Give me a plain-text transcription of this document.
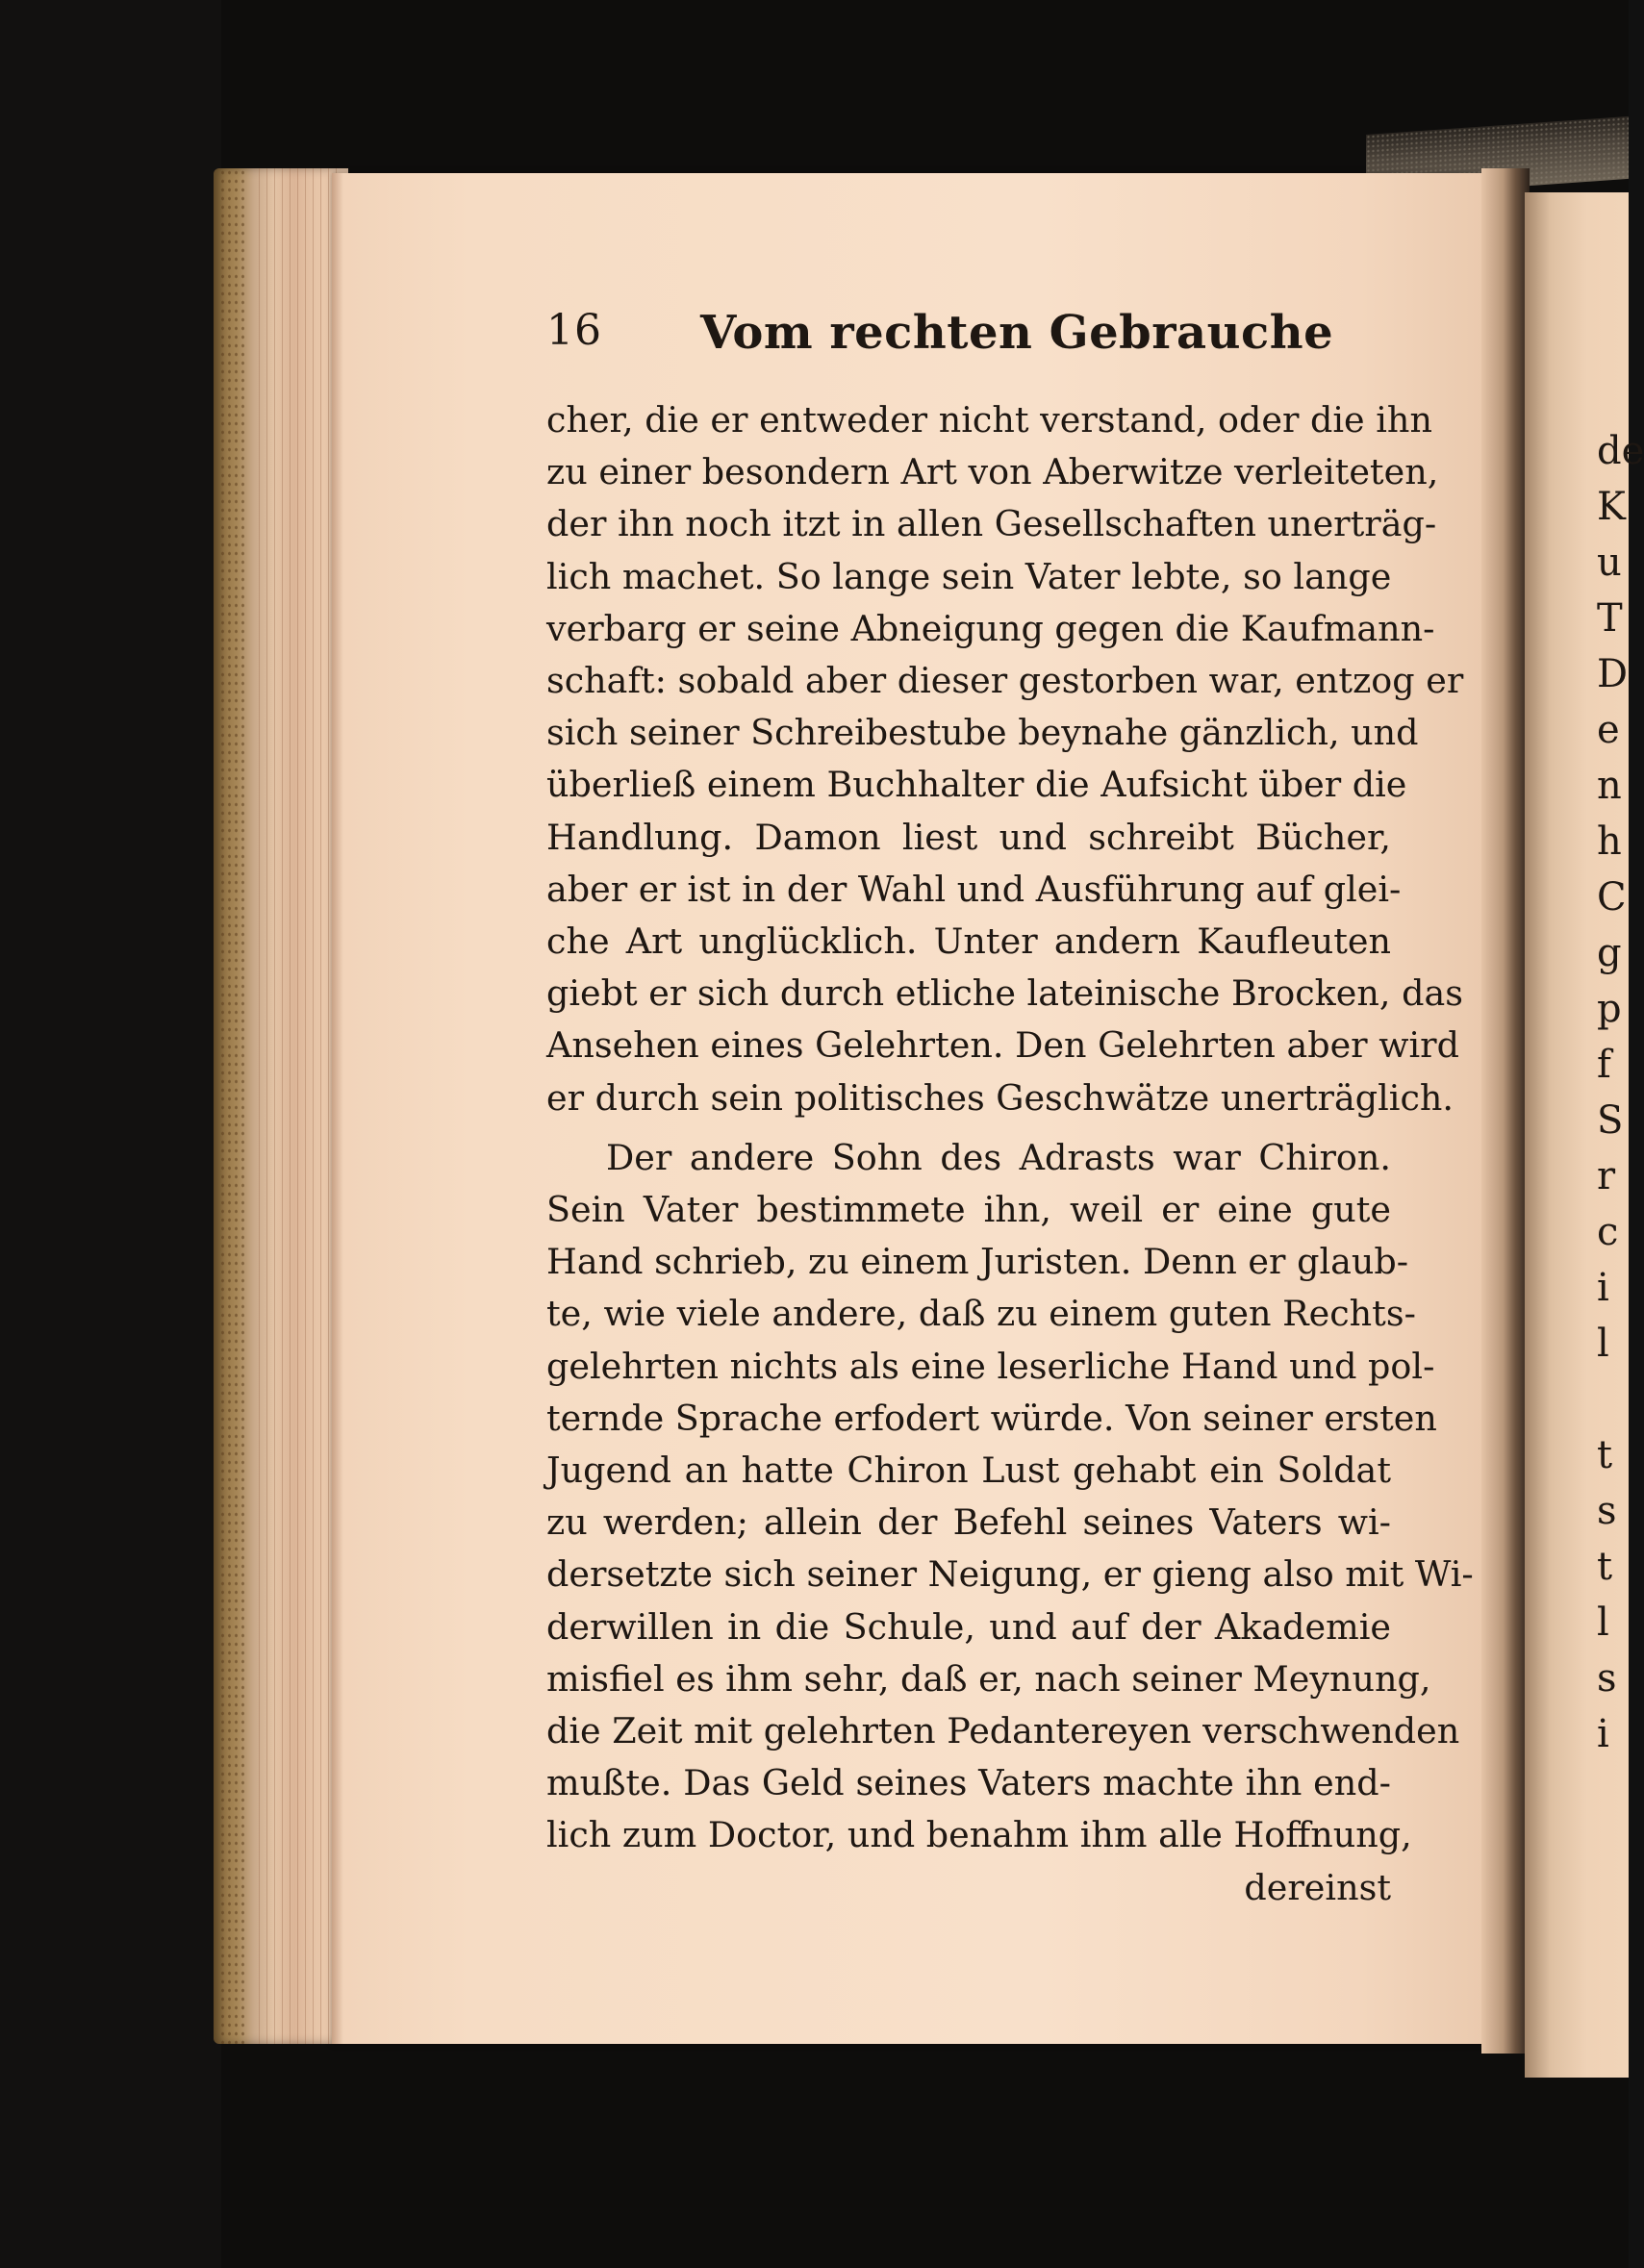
16 Vom rechten Gebrauche
cher, die er entweder nicht verstand, oder die ihn
zu einer besondern Art von Aberwitze verleiteten,
der ihn noch itzt in allen Gesellschaften unerträg-
lich machet. So lange sein Vater lebte, so lange
verbarg er seine Abneigung gegen die Kaufmann-
schaft: sobald aber dieser gestorben war, entzog er
sich seiner Schreibestube beynahe gänzlich, und
überließ einem Buchhalter die Aufsicht über die
Handlung. Damon liest und schreibt Bücher,
aber er ist in der Wahl und Ausführung auf glei-
che Art unglücklich. Unter andern Kaufleuten
giebt er sich durch etliche lateinische Brocken, das
Ansehen eines Gelehrten. Den Gelehrten aber wird
er durch sein politisches Geschwätze unerträglich.
Der andere Sohn des Adrasts war Chiron.
Sein Vater bestimmete ihn, weil er eine gute
Hand schrieb, zu einem Juristen. Denn er glaub-
te, wie viele andere, daß zu einem guten Rechts-
gelehrten nichts als eine leserliche Hand und pol-
ternde Sprache erfodert würde. Von seiner ersten
Jugend an hatte Chiron Lust gehabt ein Soldat
zu werden; allein der Befehl seines Vaters wi-
dersetzte sich seiner Neigung, er gieng also mit Wi-
derwillen in die Schule, und auf der Akademie
misfiel es ihm sehr, daß er, nach seiner Meynung,
die Zeit mit gelehrten Pedantereyen verschwenden
mußte. Das Geld seines Vaters machte ihn end-
lich zum Doctor, und benahm ihm alle Hoffnung,
dereinst
de
K
u
T
D
e
n
h
C
g
p
f
S
r
c
i
l
t
s
t
l
s
i
